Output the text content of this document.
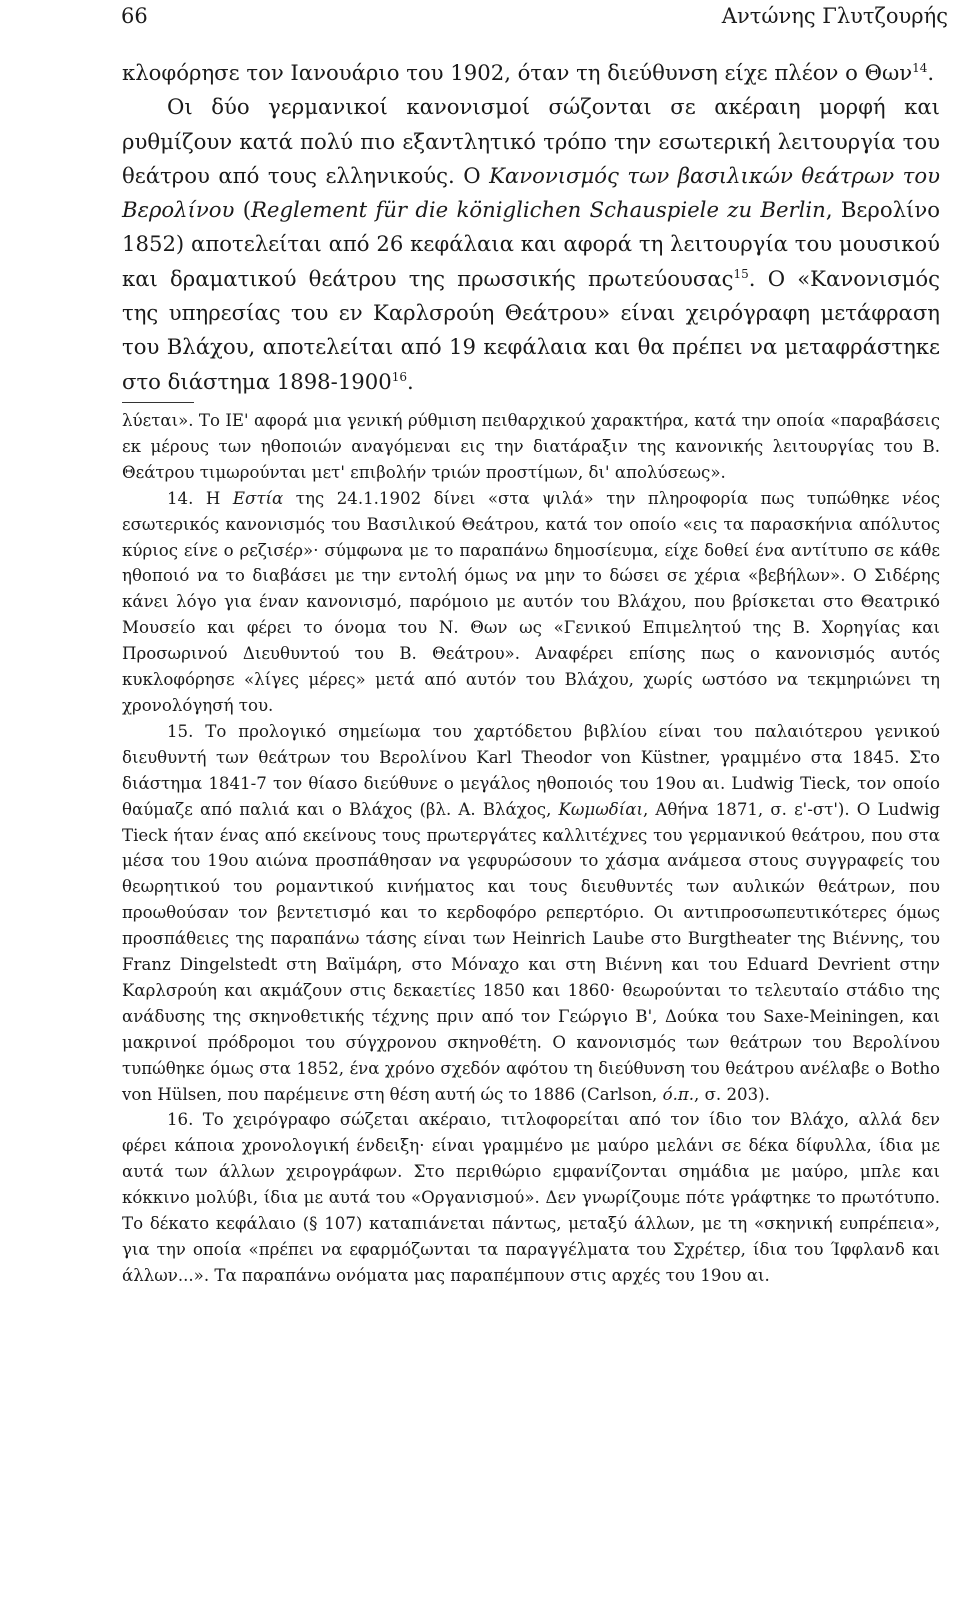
66	Αντώνης Γλυτζουρής

κλοφόρησε τον Ιανουάριο του 1902, όταν τη διεύθυνση είχε πλέον ο Θων$^{14}$.

Οι δύο γερμανικοί κανονισμοί σώζονται σε ακέραιη μορφή και ρυθμίζουν κατά πολύ πιο εξαντλητικό τρόπο την εσωτερική λειτουργία του θεάτρου από τους ελληνικούς. Ο Κανονισμός των βασιλικών θεάτρων του Βερολίνου (Reglement für die königlichen Schauspiele zu Berlin, Βερολίνο 1852) αποτελείται από 26 κεφάλαια και αφορά τη λειτουργία του μουσικού και δραματικού θεάτρου της πρωσσικής πρωτεύουσας$^{15}$. Ο «Κανονισμός της υπηρεσίας του εν Καρλσρούη Θεάτρου» είναι χειρόγραφη μετάφραση του Βλάχου, αποτελείται από 19 κεφάλαια και θα πρέπει να μεταφράστηκε στο διάστημα 1898-1900$^{16}$.

λύεται». Το ΙΕ' αφορά μια γενική ρύθμιση πειθαρχικού χαρακτήρα, κατά την οποία «παραβάσεις εκ μέρους των ηθοποιών αναγόμεναι εις την διατάραξιν της κανονικής λειτουργίας του Β. Θεάτρου τιμωρούνται μετ' επιβολήν τριών προστίμων, δι' απολύσεως».

14. Η Εστία της 24.1.1902 δίνει «στα ψιλά» την πληροφορία πως τυπώθηκε νέος εσωτερικός κανονισμός του Βασιλικού Θεάτρου, κατά τον οποίο «εις τα παρασκήνια απόλυτος κύριος είνε ο ρεζισέρ»· σύμφωνα με το παραπάνω δημοσίευμα, είχε δοθεί ένα αντίτυπο σε κάθε ηθοποιό να το διαβάσει με την εντολή όμως να μην το δώσει σε χέρια «βεβήλων». Ο Σιδέρης κάνει λόγο για έναν κανονισμό, παρόμοιο με αυτόν του Βλάχου, που βρίσκεται στο Θεατρικό Μουσείο και φέρει το όνομα του Ν. Θων ως «Γενικού Επιμελητού της Β. Χορηγίας και Προσωρινού Διευθυντού του Β. Θεάτρου». Αναφέρει επίσης πως ο κανονισμός αυτός κυκλοφόρησε «λίγες μέρες» μετά από αυτόν του Βλάχου, χωρίς ωστόσο να τεκμηριώνει τη χρονολόγησή του.

15. Το προλογικό σημείωμα του χαρτόδετου βιβλίου είναι του παλαιότερου γενικού διευθυντή των θεάτρων του Βερολίνου Karl Theodor von Küstner, γραμμένο στα 1845. Στο διάστημα 1841-7 τον θίασο διεύθυνε ο μεγάλος ηθοποιός του 19ου αι. Ludwig Tieck, τον οποίο θαύμαζε από παλιά και ο Βλάχος (βλ. Α. Βλάχος, Κωμωδίαι, Αθήνα 1871, σ. ε'-στ'). Ο Ludwig Tieck ήταν ένας από εκείνους τους πρωτεργάτες καλλιτέχνες του γερμανικού θεάτρου, που στα μέσα του 19ου αιώνα προσπάθησαν να γεφυρώσουν το χάσμα ανάμεσα στους συγγραφείς του θεωρητικού του ρομαντικού κινήματος και τους διευθυντές των αυλικών θεάτρων, που προωθούσαν τον βεντετισμό και το κερδοφόρο ρεπερτόριο. Οι αντιπροσωπευτικότερες όμως προσπάθειες της παραπάνω τάσης είναι των Heinrich Laube στο Burgtheater της Βιέννης, του Franz Dingelstedt στη Βαϊμάρη, στο Μόναχο και στη Βιέννη και του Eduard Devrient στην Καρλσρούη και ακμάζουν στις δεκαετίες 1850 και 1860· θεωρούνται το τελευταίο στάδιο της ανάδυσης της σκηνοθετικής τέχνης πριν από τον Γεώργιο Β', Δούκα του Saxe-Meiningen, και μακρινοί πρόδρομοι του σύγχρονου σκηνοθέτη. Ο κανονισμός των θεάτρων του Βερολίνου τυπώθηκε όμως στα 1852, ένα χρόνο σχεδόν αφότου τη διεύθυνση του θεάτρου ανέλαβε ο Botho von Hülsen, που παρέμεινε στη θέση αυτή ώς το 1886 (Carlson, ό.π., σ. 203).

16. Το χειρόγραφο σώζεται ακέραιο, τιτλοφορείται από τον ίδιο τον Βλάχο, αλλά δεν φέρει κάποια χρονολογική ένδειξη· είναι γραμμένο με μαύρο μελάνι σε δέκα δίφυλλα, ίδια με αυτά των άλλων χειρογράφων. Στο περιθώριο εμφανίζονται σημάδια με μαύρο, μπλε και κόκκινο μολύβι, ίδια με αυτά του «Οργανισμού». Δεν γνωρίζουμε πότε γράφτηκε το πρωτότυπο. Το δέκατο κεφάλαιο (§ 107) καταπιάνεται πάντως, μεταξύ άλλων, με τη «σκηνική ευπρέπεια», για την οποία «πρέπει να εφαρμόζωνται τα παραγγέλματα του Σχρέτερ, ίδια του Ίφφλανδ και άλλων...». Τα παραπάνω ονόματα μας παραπέμπουν στις αρχές του 19ου αι.
